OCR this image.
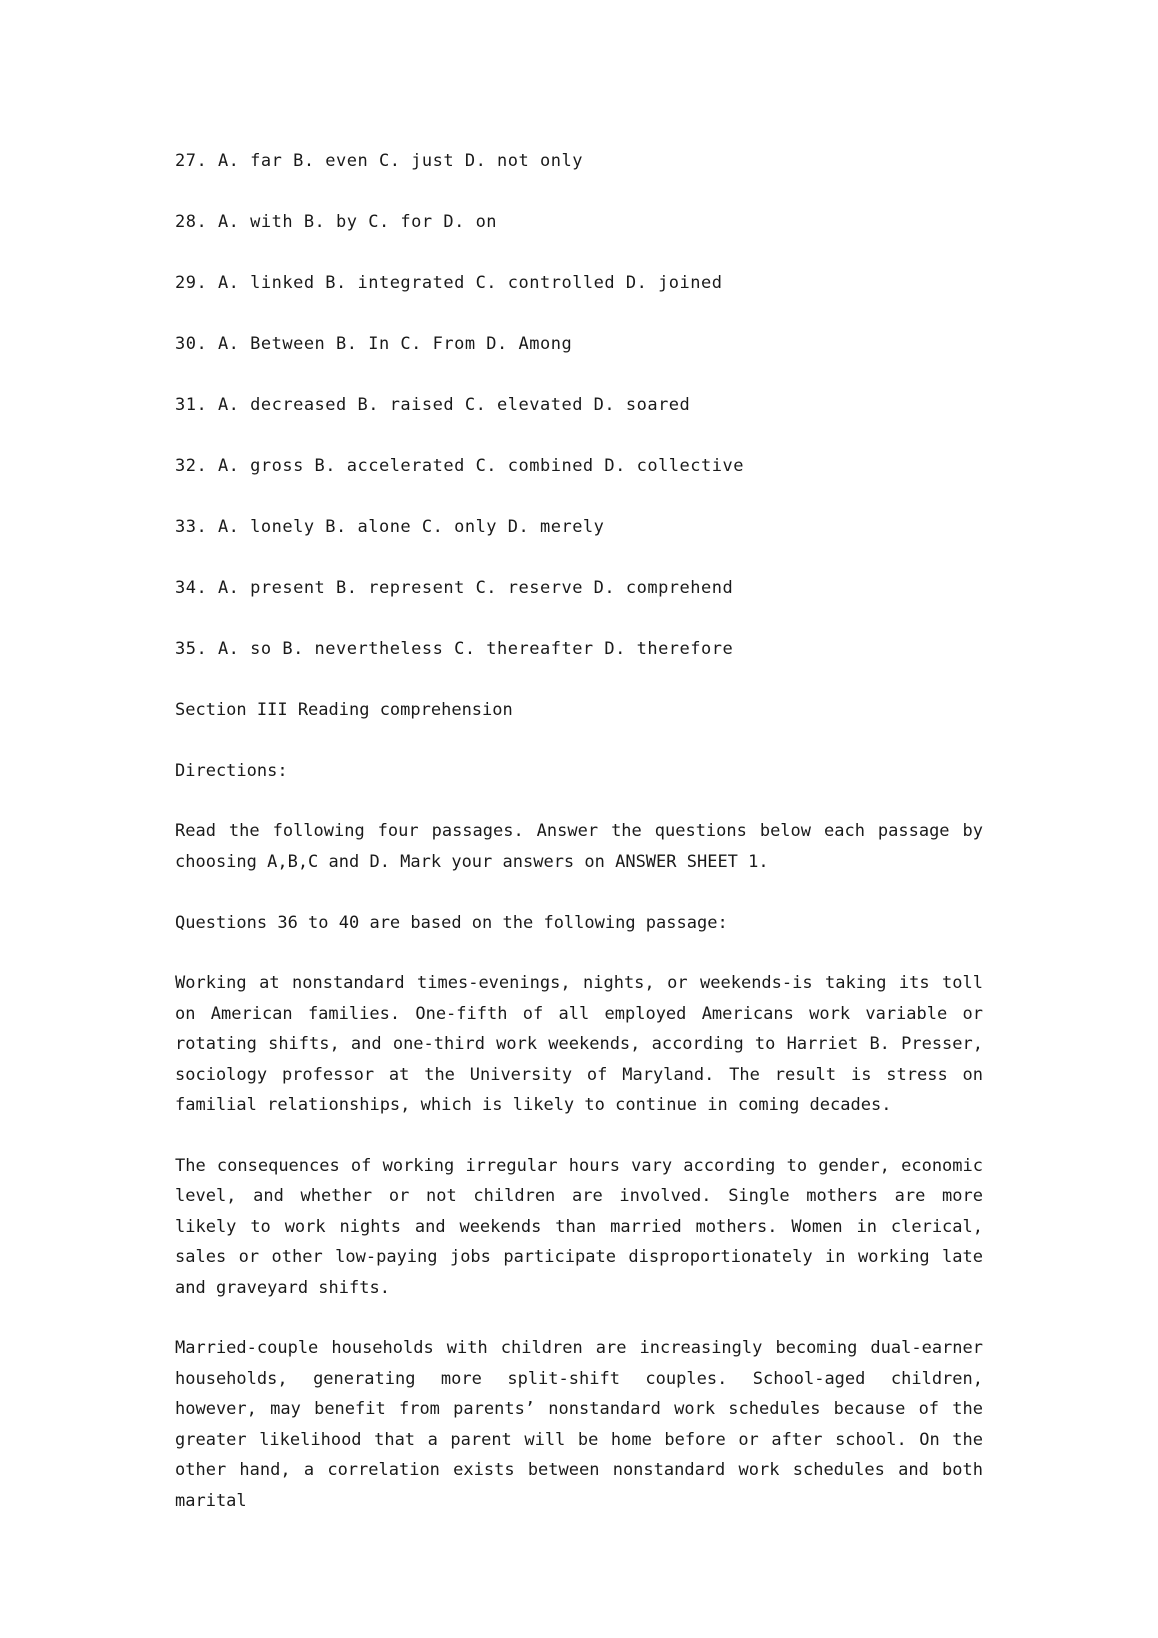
27. A. far B. even C. just D. not only
28. A. with B. by C. for D. on
29. A. linked B. integrated C. controlled D. joined
30. A. Between B. In C. From D. Among
31. A. decreased B. raised C. elevated D. soared
32. A. gross B. accelerated C. combined D. collective
33. A. lonely B. alone C. only D. merely
34. A. present B. represent C. reserve D. comprehend
35. A. so B. nevertheless C. thereafter D. therefore
Section III Reading comprehension
Directions:
Read the following four passages. Answer the questions below each passage by choosing A,B,C and D. Mark your answers on ANSWER SHEET 1.
Questions 36 to 40 are based on the following passage:
Working at nonstandard times-evenings, nights, or weekends-is taking its toll on American families. One-fifth of all employed Americans work variable or rotating shifts, and one-third work weekends, according to Harriet B. Presser, sociology professor at the University of Maryland. The result is stress on familial relationships, which is likely to continue in coming decades.
The consequences of working irregular hours vary according to gender, economic level, and whether or not children are involved. Single mothers are more likely to work nights and weekends than married mothers. Women in clerical, sales or other low-paying jobs participate disproportionately in working late and graveyard shifts.
Married-couple households with children are increasingly becoming dual-earner households, generating more split-shift couples. School-aged children, however, may benefit from parents’ nonstandard work schedules because of the greater likelihood that a parent will be home before or after school. On the other hand, a correlation exists between nonstandard work schedules and both marital
